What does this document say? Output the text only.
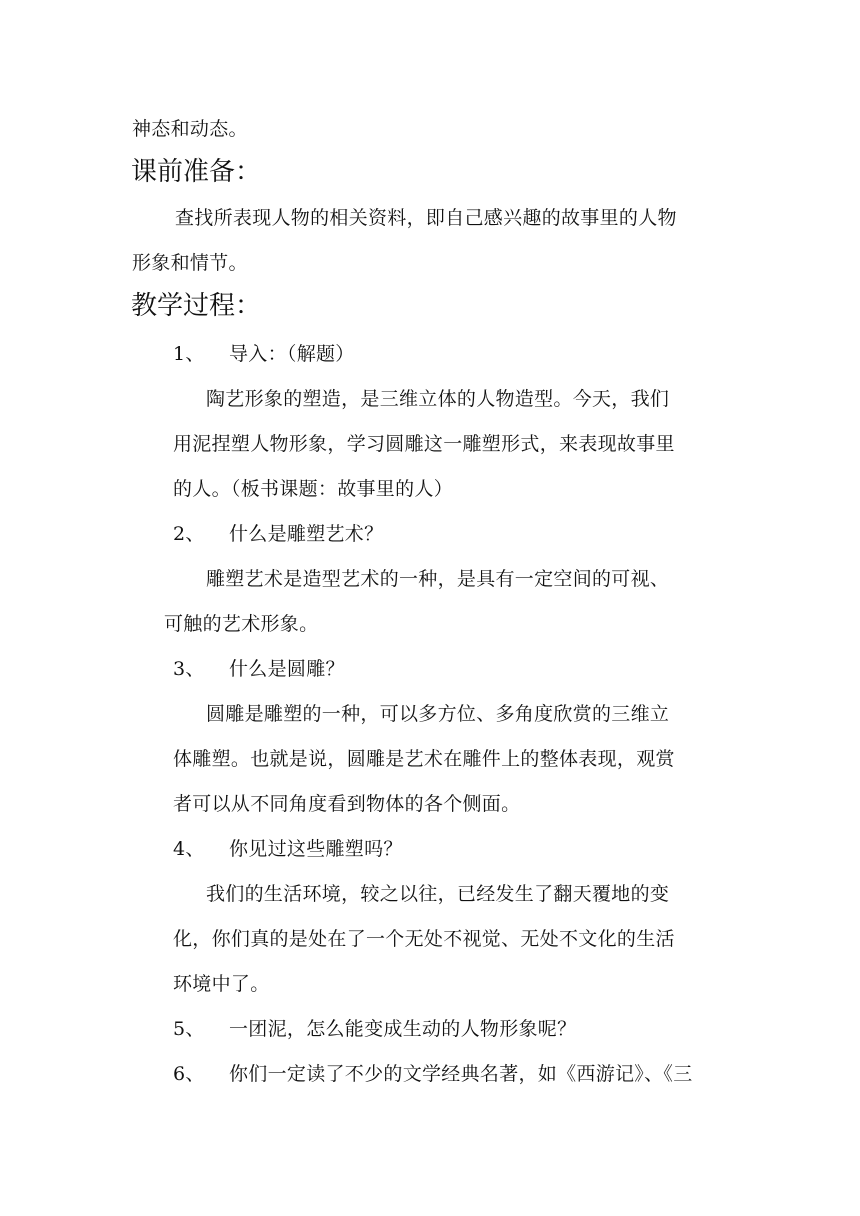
神态和动态。
课前准备：
查找所表现人物的相关资料，即自己感兴趣的故事里的人物
形象和情节。
教学过程：
1、 导入：（解题）
陶艺形象的塑造，是三维立体的人物造型。今天，我们
用泥捏塑人物形象，学习圆雕这一雕塑形式，来表现故事里
的人。（板书课题：故事里的人）
2、 什么是雕塑艺术？
雕塑艺术是造型艺术的一种，是具有一定空间的可视、
可触的艺术形象。
3、 什么是圆雕？
圆雕是雕塑的一种，可以多方位、多角度欣赏的三维立
体雕塑。也就是说，圆雕是艺术在雕件上的整体表现，观赏
者可以从不同角度看到物体的各个侧面。
4、 你见过这些雕塑吗？
我们的生活环境，较之以往，已经发生了翻天覆地的变
化，你们真的是处在了一个无处不视觉、无处不文化的生活
环境中了。
5、 一团泥，怎么能变成生动的人物形象呢？
6、 你们一定读了不少的文学经典名著，如《西游记》、《三
